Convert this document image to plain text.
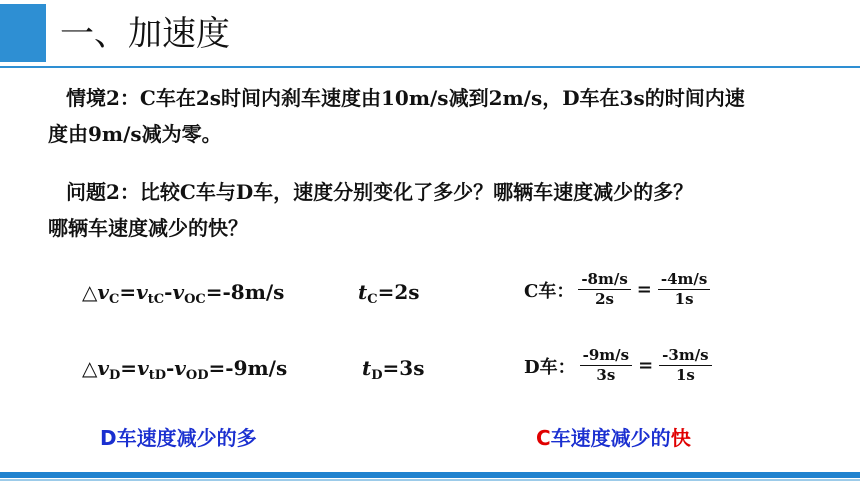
一、加速度
情境2：C车在2s时间内刹车速度由10m/s减到2m/s，D车在3s的时间内速
度由9m/s减为零。
问题2：比较C车与D车，速度分别变化了多少？哪辆车速度减少的多？
哪辆车速度减少的快？
$\triangle v_C=v_{tC}-v_{OC}=-8m/s$
$\triangle v_D=v_{tD}-v_{OD}=-9m/s$
$t_C=2s$
$t_D=3s$
C车： $\frac{-8m/s}{2s} = \frac{-4m/s}{1s}$
D车： $\frac{-9m/s}{3s} = \frac{-3m/s}{1s}$
D车速度减少的多	C车速度减少的快
